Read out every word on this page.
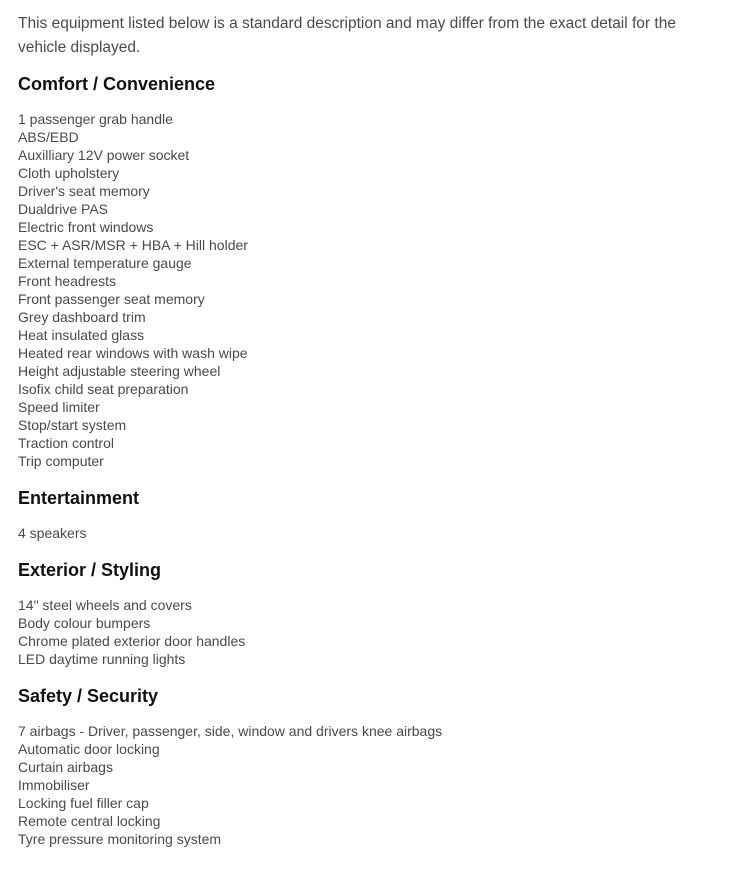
This equipment listed below is a standard description and may differ from the exact detail for the vehicle displayed.

Comfort / Convenience
1 passenger grab handle
ABS/EBD
Auxilliary 12V power socket
Cloth upholstery
Driver's seat memory
Dualdrive PAS
Electric front windows
ESC + ASR/MSR + HBA + Hill holder
External temperature gauge
Front headrests
Front passenger seat memory
Grey dashboard trim
Heat insulated glass
Heated rear windows with wash wipe
Height adjustable steering wheel
Isofix child seat preparation
Speed limiter
Stop/start system
Traction control
Trip computer
Entertainment
4 speakers
Exterior / Styling
14" steel wheels and covers
Body colour bumpers
Chrome plated exterior door handles
LED daytime running lights
Safety / Security
7 airbags - Driver, passenger, side, window and drivers knee airbags
Automatic door locking
Curtain airbags
Immobiliser
Locking fuel filler cap
Remote central locking
Tyre pressure monitoring system
